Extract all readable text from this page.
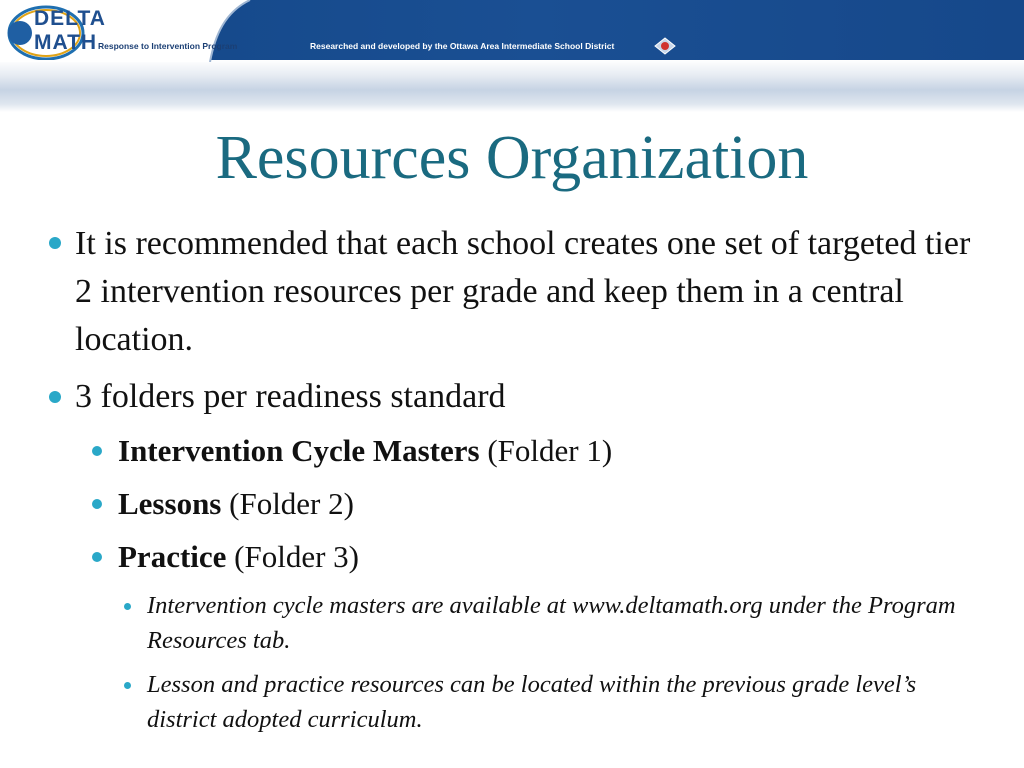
DELTA
MATH Response to Intervention Program	Researched and developed by the Ottawa Area Intermediate School District
Resources Organization
It is recommended that each school creates one set of targeted tier 2 intervention resources per grade and keep them in a central location.
3 folders per readiness standard
Intervention Cycle Masters (Folder 1)
Lessons (Folder 2)
Practice (Folder 3)
Intervention cycle masters are available at www.deltamath.org under the Program Resources tab.
Lesson and practice resources can be located within the previous grade level’s district adopted curriculum.
